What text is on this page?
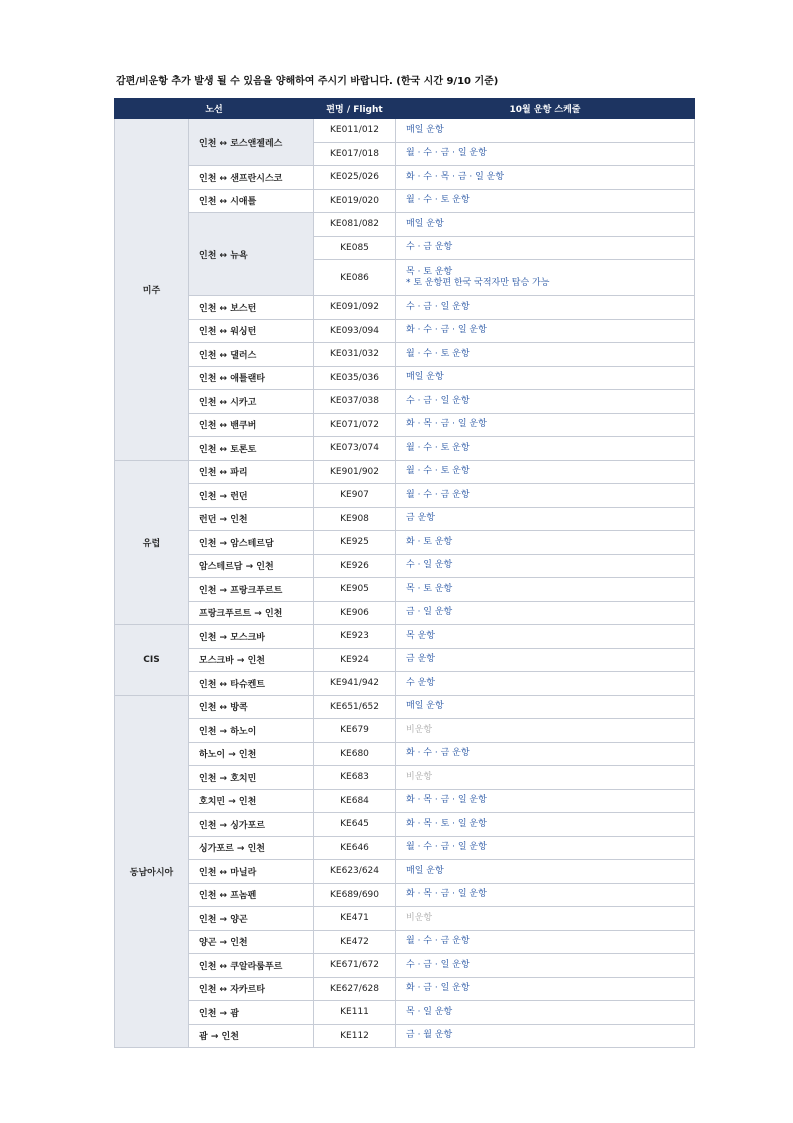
감편/비운항 추가 발생 될 수 있음을 양해하여 주시기 바랍니다. (한국 시간 9/10 기준)
노선		편명 / Flight	10월 운항 스케줄
미주	인천 ↔ 로스앤젤레스	KE011/012	매일 운항

		KE017/018	월 · 수 · 금 · 일 운항

	인천 ↔ 샌프란시스코	KE025/026	화 · 수 · 목 · 금 · 일 운항

	인천 ↔ 시애틀	KE019/020	월 · 수 · 토 운항

	인천 ↔ 뉴욕	KE081/082	매일 운항

		KE085	수 · 금 운항

		KE086	목 · 토 운항
* 토 운항편 한국 국적자만 탑승 가능

	인천 ↔ 보스턴	KE091/092	수 · 금 · 일 운항

	인천 ↔ 워싱턴	KE093/094	화 · 수 · 금 · 일 운항

	인천 ↔ 댈러스	KE031/032	월 · 수 · 토 운항

	인천 ↔ 애틀랜타	KE035/036	매일 운항

	인천 ↔ 시카고	KE037/038	수 · 금 · 일 운항

	인천 ↔ 밴쿠버	KE071/072	화 · 목 · 금 · 일 운항

	인천 ↔ 토론토	KE073/074	월 · 수 · 토 운항

유럽	인천 ↔ 파리	KE901/902	월 · 수 · 토 운항

	인천 → 런던	KE907	월 · 수 · 금 운항

	런던 → 인천	KE908	금 운항

	인천 → 암스테르담	KE925	화 · 토 운항

	암스테르담 → 인천	KE926	수 · 일 운항

	인천 → 프랑크푸르트	KE905	목 · 토 운항

	프랑크푸르트 → 인천	KE906	금 · 일 운항

CIS	인천 → 모스크바	KE923	목 운항

	모스크바 → 인천	KE924	금 운항

	인천 ↔ 타슈켄트	KE941/942	수 운항

동남아시아	인천 ↔ 방콕	KE651/652	매일 운항

	인천 → 하노이	KE679	비운항

	하노이 → 인천	KE680	화 · 수 · 금 운항

	인천 → 호치민	KE683	비운항

	호치민 → 인천	KE684	화 · 목 · 금 · 일 운항

	인천 → 싱가포르	KE645	화 · 목 · 토 · 일 운항

	싱가포르 → 인천	KE646	월 · 수 · 금 · 일 운항

	인천 ↔ 마닐라	KE623/624	매일 운항

	인천 ↔ 프놈펜	KE689/690	화 · 목 · 금 · 일 운항

	인천 → 양곤	KE471	비운항

	양곤 → 인천	KE472	월 · 수 · 금 운항

	인천 ↔ 쿠알라룸푸르	KE671/672	수 · 금 · 일 운항

	인천 ↔ 자카르타	KE627/628	화 · 금 · 일 운항

	인천 → 괌	KE111	목 · 일 운항

	괌 → 인천	KE112	금 · 월 운항
